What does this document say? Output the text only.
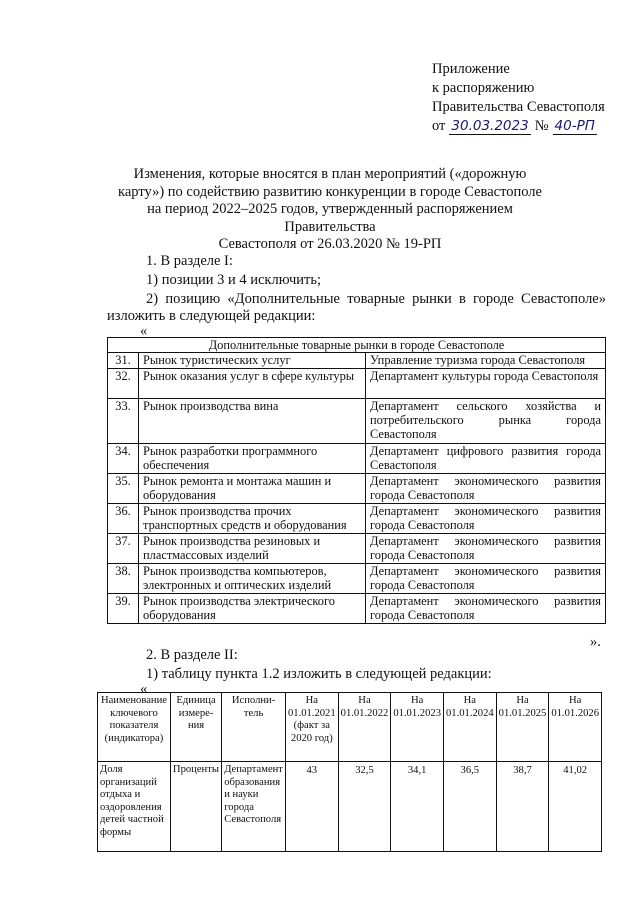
Приложение
к распоряжению
Правительства Севастополя
от 30.03.2023 № 40-РП
Изменения, которые вносятся в план мероприятий («дорожную
карту») по содействию развитию конкуренции в городе Севастополе
на период 2022–2025 годов, утвержденный распоряжением Правительства
Севастополя от 26.03.2020 № 19-РП
1. В разделе I:
1) позиции 3 и 4 исключить;
2) позицию «Дополнительные товарные рынки в городе Севастополе»
изложить в следующей редакции:
«
Дополнительные товарные рынки в городе Севастополе		
31.	Рынок туристических услуг	Управление туризма города Севастополя
32.	Рынок оказания услуг в сфере культуры	Департамент культуры города Севастополя
33.	Рынок производства вина	Департамент сельского хозяйства и потребительского рынка города Севастополя
34.	Рынок разработки программного обеспечения	Департамент цифрового развития города Севастополя
35.	Рынок ремонта и монтажа машин и оборудования	Департамент экономического развития города Севастополя
36.	Рынок производства прочих транспортных средств и оборудования	Департамент экономического развития города Севастополя
37.	Рынок производства резиновых и пластмассовых изделий	Департамент экономического развития города Севастополя
38.	Рынок производства компьютеров, электронных и оптических изделий	Департамент экономического развития города Севастополя
39.	Рынок производства электрического оборудования	Департамент экономического развития города Севастополя
».
2. В разделе II:
1) таблицу пункта 1.2 изложить в следующей редакции:
«
Наименование ключевого показателя (индикатора)	Единица измере-ния	Исполни-тель	На 01.01.2021 (факт за 2020 год)	На 01.01.2022	На 01.01.2023	На 01.01.2024	На 01.01.2025	На 01.01.2026
Доля организаций отдыха и оздоровления детей частной формы	Проценты	Департамент образования и науки города Севастополя	43	32,5	34,1	36,5	38,7	41,02
